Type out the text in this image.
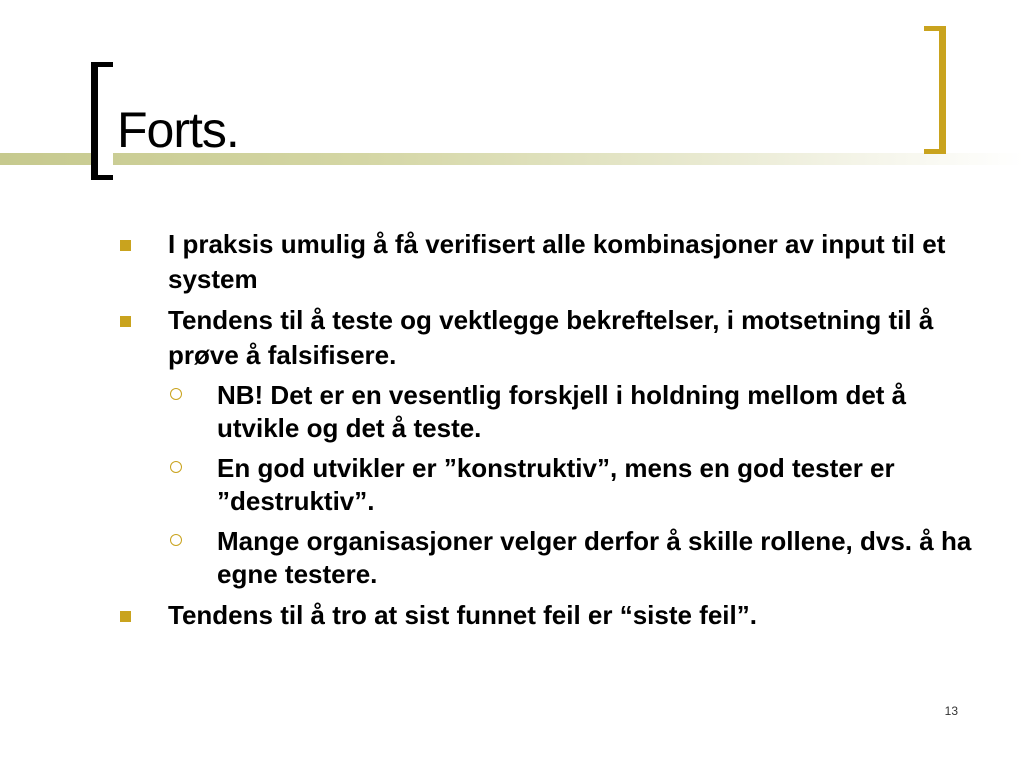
Forts.
I praksis umulig å få verifisert alle kombinasjoner av input til et system
Tendens til å teste og vektlegge bekreftelser, i motsetning til å prøve å falsifisere.
NB! Det er en vesentlig forskjell i holdning mellom det å utvikle og det å teste.
En god utvikler er ”konstruktiv”, mens en god tester er ”destruktiv”.
Mange organisasjoner velger derfor å skille rollene, dvs. å ha egne testere.
Tendens til å tro at sist funnet feil er “siste feil”.
13
